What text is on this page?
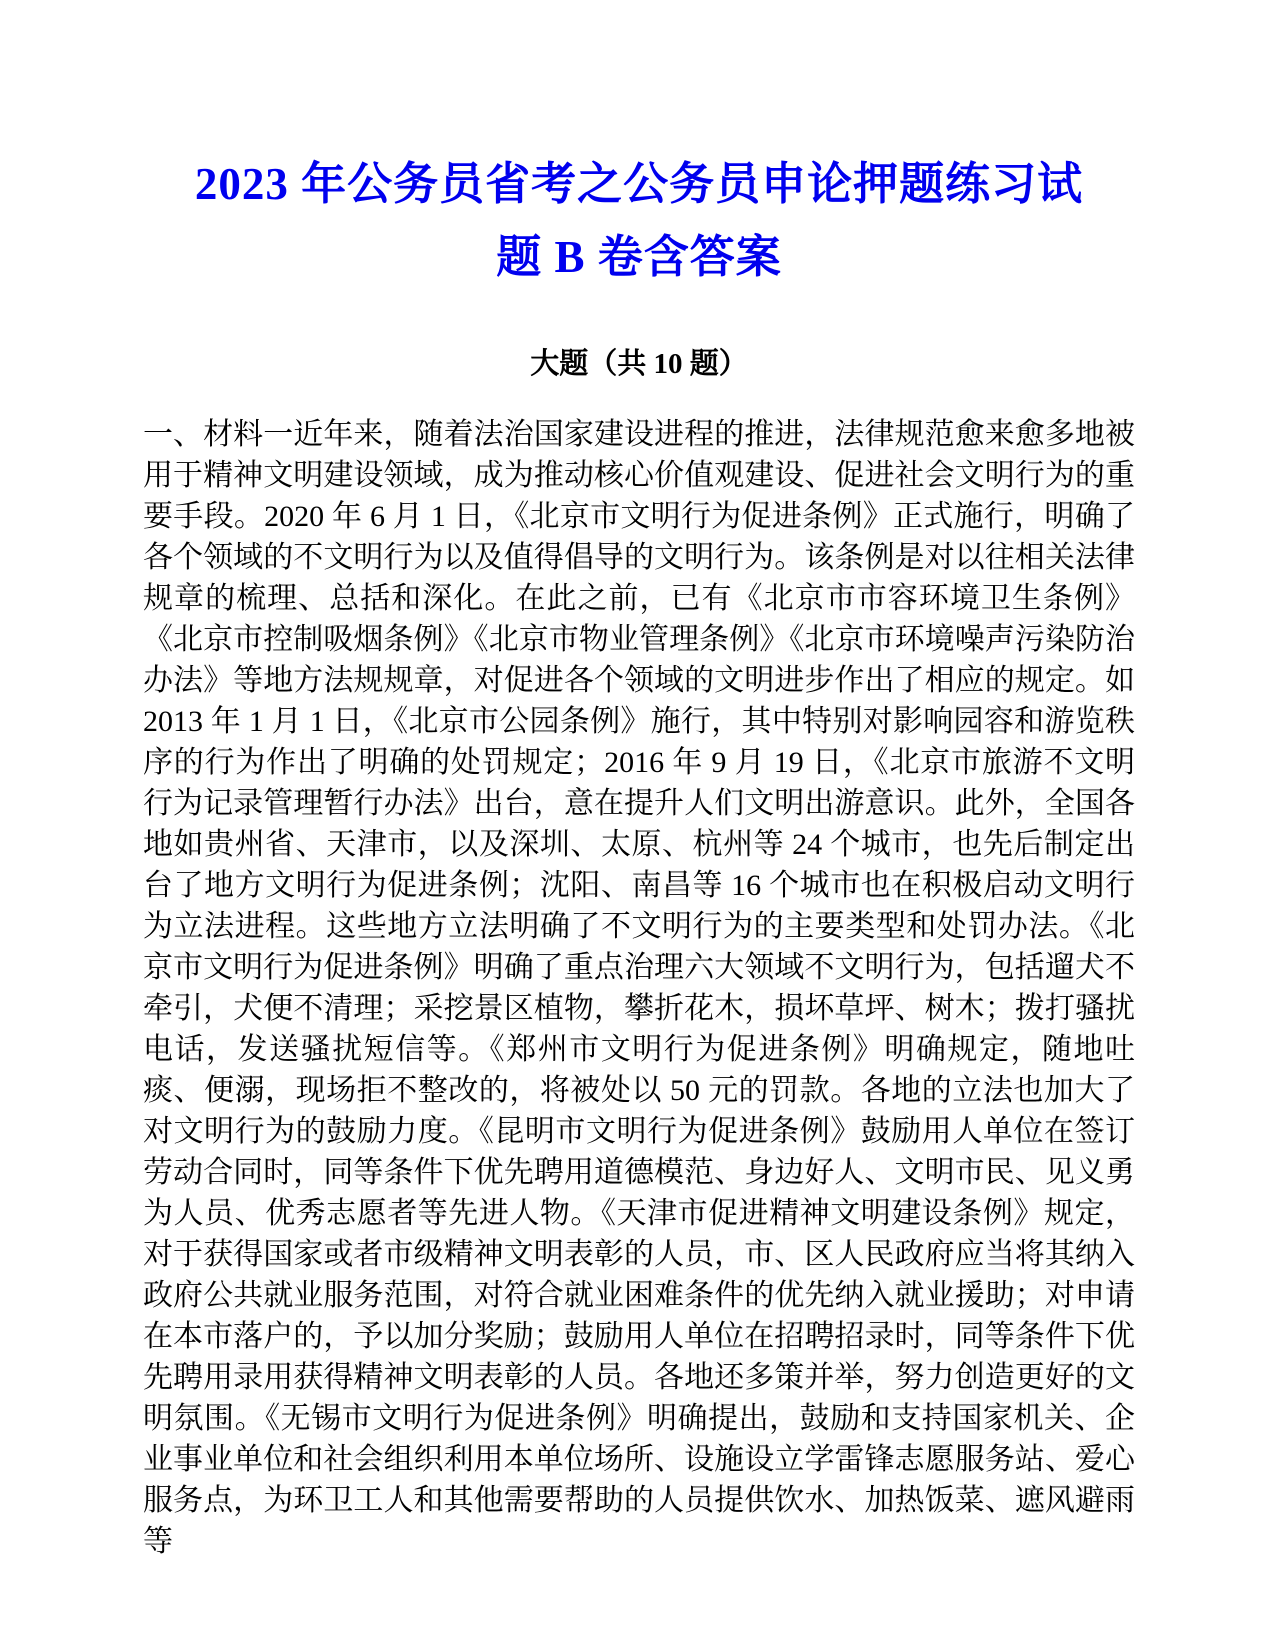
2023 年公务员省考之公务员申论押题练习试
题 B 卷含答案
大题（共 10 题）

一、材料一近年来，随着法治国家建设进程的推进，法律规范愈来愈多地被用于精神文明建设领域，成为推动核心价值观建设、促进社会文明行为的重要手段。2020 年 6 月 1 日，《北京市文明行为促进条例》正式施行，明确了各个领域的不文明行为以及值得倡导的文明行为。该条例是对以往相关法律规章的梳理、总括和深化。在此之前，已有《北京市市容环境卫生条例》《北京市控制吸烟条例》《北京市物业管理条例》《北京市环境噪声污染防治办法》等地方法规规章，对促进各个领域的文明进步作出了相应的规定。如 2013 年 1 月 1 日，《北京市公园条例》施行，其中特别对影响园容和游览秩序的行为作出了明确的处罚规定；2016 年 9 月 19 日，《北京市旅游不文明行为记录管理暂行办法》出台，意在提升人们文明出游意识。此外，全国各地如贵州省、天津市，以及深圳、太原、杭州等 24 个城市，也先后制定出台了地方文明行为促进条例；沈阳、南昌等 16 个城市也在积极启动文明行为立法进程。这些地方立法明确了不文明行为的主要类型和处罚办法。《北京市文明行为促进条例》明确了重点治理六大领域不文明行为，包括遛犬不牵引，犬便不清理；采挖景区植物，攀折花木，损坏草坪、树木；拨打骚扰电话，发送骚扰短信等。《郑州市文明行为促进条例》明确规定，随地吐痰、便溺，现场拒不整改的，将被处以 50 元的罚款。各地的立法也加大了对文明行为的鼓励力度。《昆明市文明行为促进条例》鼓励用人单位在签订劳动合同时，同等条件下优先聘用道德模范、身边好人、文明市民、见义勇为人员、优秀志愿者等先进人物。《天津市促进精神文明建设条例》规定，对于获得国家或者市级精神文明表彰的人员，市、区人民政府应当将其纳入政府公共就业服务范围，对符合就业困难条件的优先纳入就业援助；对申请在本市落户的，予以加分奖励；鼓励用人单位在招聘招录时，同等条件下优先聘用录用获得精神文明表彰的人员。各地还多策并举，努力创造更好的文明氛围。《无锡市文明行为促进条例》明确提出，鼓励和支持国家机关、企业事业单位和社会组织利用本单位场所、设施设立学雷锋志愿服务站、爱心服务点，为环卫工人和其他需要帮助的人员提供饮水、加热饭菜、遮风避雨等
